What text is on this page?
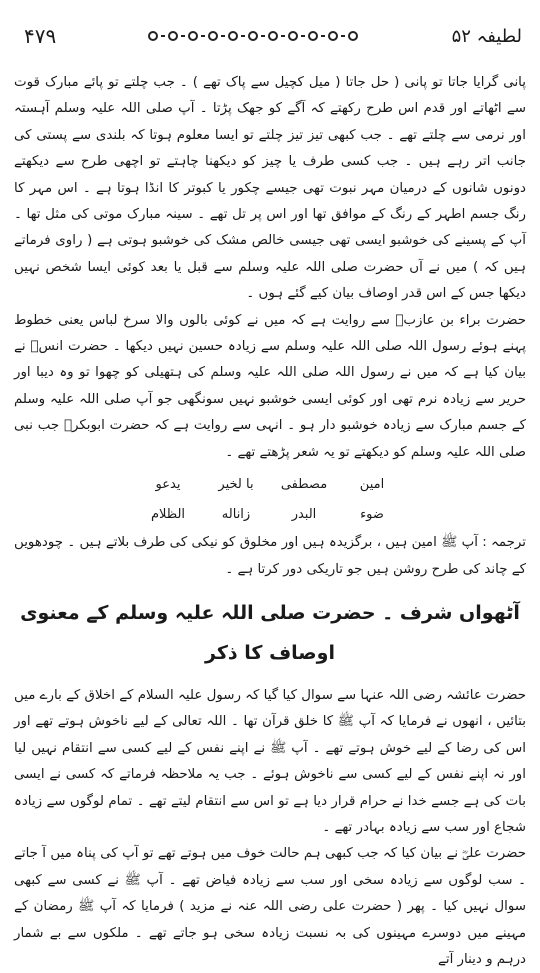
۴۷۹	لطیفہ ۵۲

پانی گرایا جاتا تو پانی ( حل جاتا ( میل کچیل سے پاک تھے ) ۔ جب چلتے تو پائے مبارک قوت سے اٹھاتے اور قدم اس طرح رکھتے کہ آگے کو جھک پڑتا ۔ آپ صلی اللہ علیہ وسلم آہستہ اور نرمی سے چلتے تھے ۔ جب کبھی تیز تیز چلتے تو ایسا معلوم ہوتا کہ بلندی سے پستی کی جانب اتر رہے ہیں ۔ جب کسی طرف یا چیز کو دیکھنا چاہتے تو اچھی طرح سے دیکھتے دونوں شانوں کے درمیان مہر نبوت تھی جیسے چکور یا کبوتر کا انڈا ہوتا ہے ۔ اس مہر کا رنگ جسم اطہر کے رنگ کے موافق تھا اور اس پر تل تھے ۔ سینہ مبارک موتی کی مثل تھا ۔ آپ کے پسینے کی خوشبو ایسی تھی جیسی خالص مشک کی خوشبو ہوتی ہے ( راوی فرماتے ہیں کہ ) میں نے آں حضرت صلی اللہ علیہ وسلم سے قبل یا بعد کوئی ایسا شخص نہیں دیکھا جس کے اس قدر اوصاف بیان کیے گئے ہوں ۔

حضرت براء بن عازبؓ سے روایت ہے کہ میں نے کوئی بالوں والا سرخ لباس یعنی خطوط پہنے ہوئے رسول اللہ صلی اللہ علیہ وسلم سے زیادہ حسین نہیں دیکھا ۔ حضرت انسؓ نے بیان کیا ہے کہ میں نے رسول اللہ صلی اللہ علیہ وسلم کی ہتھیلی کو چھوا تو وہ دیبا اور حریر سے زیادہ نرم تھی اور کوئی ایسی خوشبو نہیں سونگھی جو آپ صلی اللہ علیہ وسلم کے جسم مبارک سے زیادہ خوشبو دار ہو ۔ انہی سے روایت ہے کہ حضرت ابوبکرؓ جب نبی صلی اللہ علیہ وسلم کو دیکھتے تو یہ شعر پڑھتے تھے ۔

امین
مصطفی
با لخیر
یدعو
ضوء
البدر
زاناله
الظلام

ترجمہ : آپ ﷺ امین ہیں ، برگزیدہ ہیں اور مخلوق کو نیکی کی طرف بلاتے ہیں ۔ چودھویں کے چاند کی طرح روشن ہیں جو تاریکی دور کرتا ہے ۔

آٹھواں شرف ۔ حضرت صلی اللہ علیہ وسلم کے معنوی اوصاف کا ذکر

حضرت عائشہ رضی اللہ عنہا سے سوال کیا گیا کہ رسول علیہ السلام کے اخلاق کے بارے میں بتائیں ، انھوں نے فرمایا کہ آپ ﷺ کا خلق قرآن تھا ۔ اللہ تعالی کے لیے ناخوش ہوتے تھے اور اس کی رضا کے لیے خوش ہوتے تھے ۔ آپ ﷺ نے اپنے نفس کے لیے کسی سے انتقام نہیں لیا اور نہ اپنے نفس کے لیے کسی سے ناخوش ہوئے ۔ جب یہ ملاحظہ فرماتے کہ کسی نے ایسی بات کی ہے جسے خدا نے حرام قرار دیا ہے تو اس سے انتقام لیتے تھے ۔ تمام لوگوں سے زیادہ شجاع اور سب سے زیادہ بہادر تھے ۔

حضرت علیؓ نے بیان کیا کہ جب کبھی ہم حالت خوف میں ہوتے تھے تو آپ کی پناہ میں آ جاتے ۔ سب لوگوں سے زیادہ سخی اور سب سے زیادہ فیاض تھے ۔ آپ ﷺ نے کسی سے کبھی سوال نہیں کیا ۔ پھر ( حضرت علی رضی اللہ عنہ نے مزید ) فرمایا کہ آپ ﷺ رمضان کے مہینے میں دوسرے مہینوں کی بہ نسبت زیادہ سخی ہو جاتے تھے ۔ ملکوں سے بے شمار درہم و دینار آتے
